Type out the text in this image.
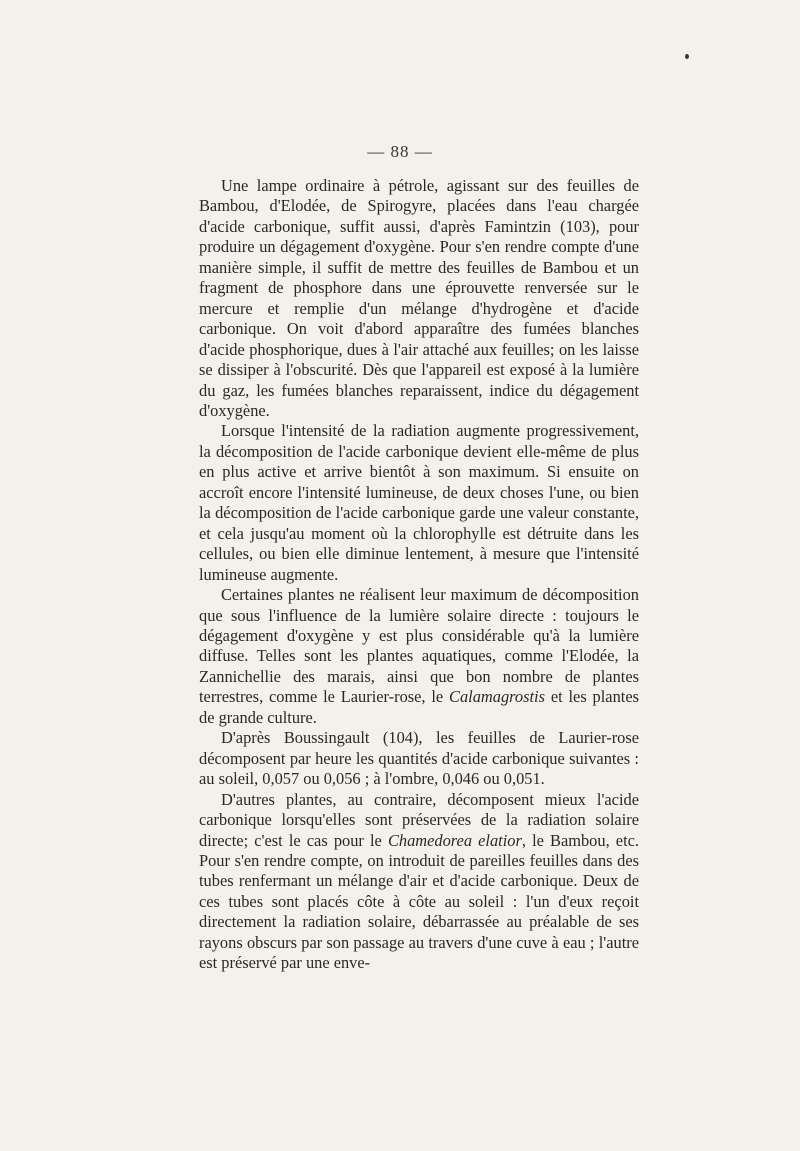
— 88 —

Une lampe ordinaire à pétrole, agissant sur des feuilles de Bambou, d'Elodée, de Spirogyre, placées dans l'eau chargée d'acide carbonique, suffit aussi, d'après Famintzin (103), pour produire un dégagement d'oxygène. Pour s'en rendre compte d'une manière simple, il suffit de mettre des feuilles de Bambou et un fragment de phosphore dans une éprouvette renversée sur le mercure et remplie d'un mélange d'hydrogène et d'acide carbonique. On voit d'abord apparaître des fumées blanches d'acide phosphorique, dues à l'air attaché aux feuilles; on les laisse se dissiper à l'obscurité. Dès que l'appareil est exposé à la lumière du gaz, les fumées blanches reparaissent, indice du dégagement d'oxygène.

Lorsque l'intensité de la radiation augmente progressivement, la décomposition de l'acide carbonique devient elle-même de plus en plus active et arrive bientôt à son maximum. Si ensuite on accroît encore l'intensité lumineuse, de deux choses l'une, ou bien la décomposition de l'acide carbonique garde une valeur constante, et cela jusqu'au moment où la chlorophylle est détruite dans les cellules, ou bien elle diminue lentement, à mesure que l'intensité lumineuse augmente.

Certaines plantes ne réalisent leur maximum de décomposition que sous l'influence de la lumière solaire directe : toujours le dégagement d'oxygène y est plus considérable qu'à la lumière diffuse. Telles sont les plantes aquatiques, comme l'Elodée, la Zannichellie des marais, ainsi que bon nombre de plantes terrestres, comme le Laurier-rose, le Calamagrostis et les plantes de grande culture.

D'après Boussingault (104), les feuilles de Laurier-rose décomposent par heure les quantités d'acide carbonique suivantes : au soleil, 0,057 ou 0,056 ; à l'ombre, 0,046 ou 0,051.

D'autres plantes, au contraire, décomposent mieux l'acide carbonique lorsqu'elles sont préservées de la radiation solaire directe; c'est le cas pour le Chamedorea elatior, le Bambou, etc. Pour s'en rendre compte, on introduit de pareilles feuilles dans des tubes renfermant un mélange d'air et d'acide carbonique. Deux de ces tubes sont placés côte à côte au soleil : l'un d'eux reçoit directement la radiation solaire, débarrassée au préalable de ses rayons obscurs par son passage au travers d'une cuve à eau ; l'autre est préservé par une enve-
